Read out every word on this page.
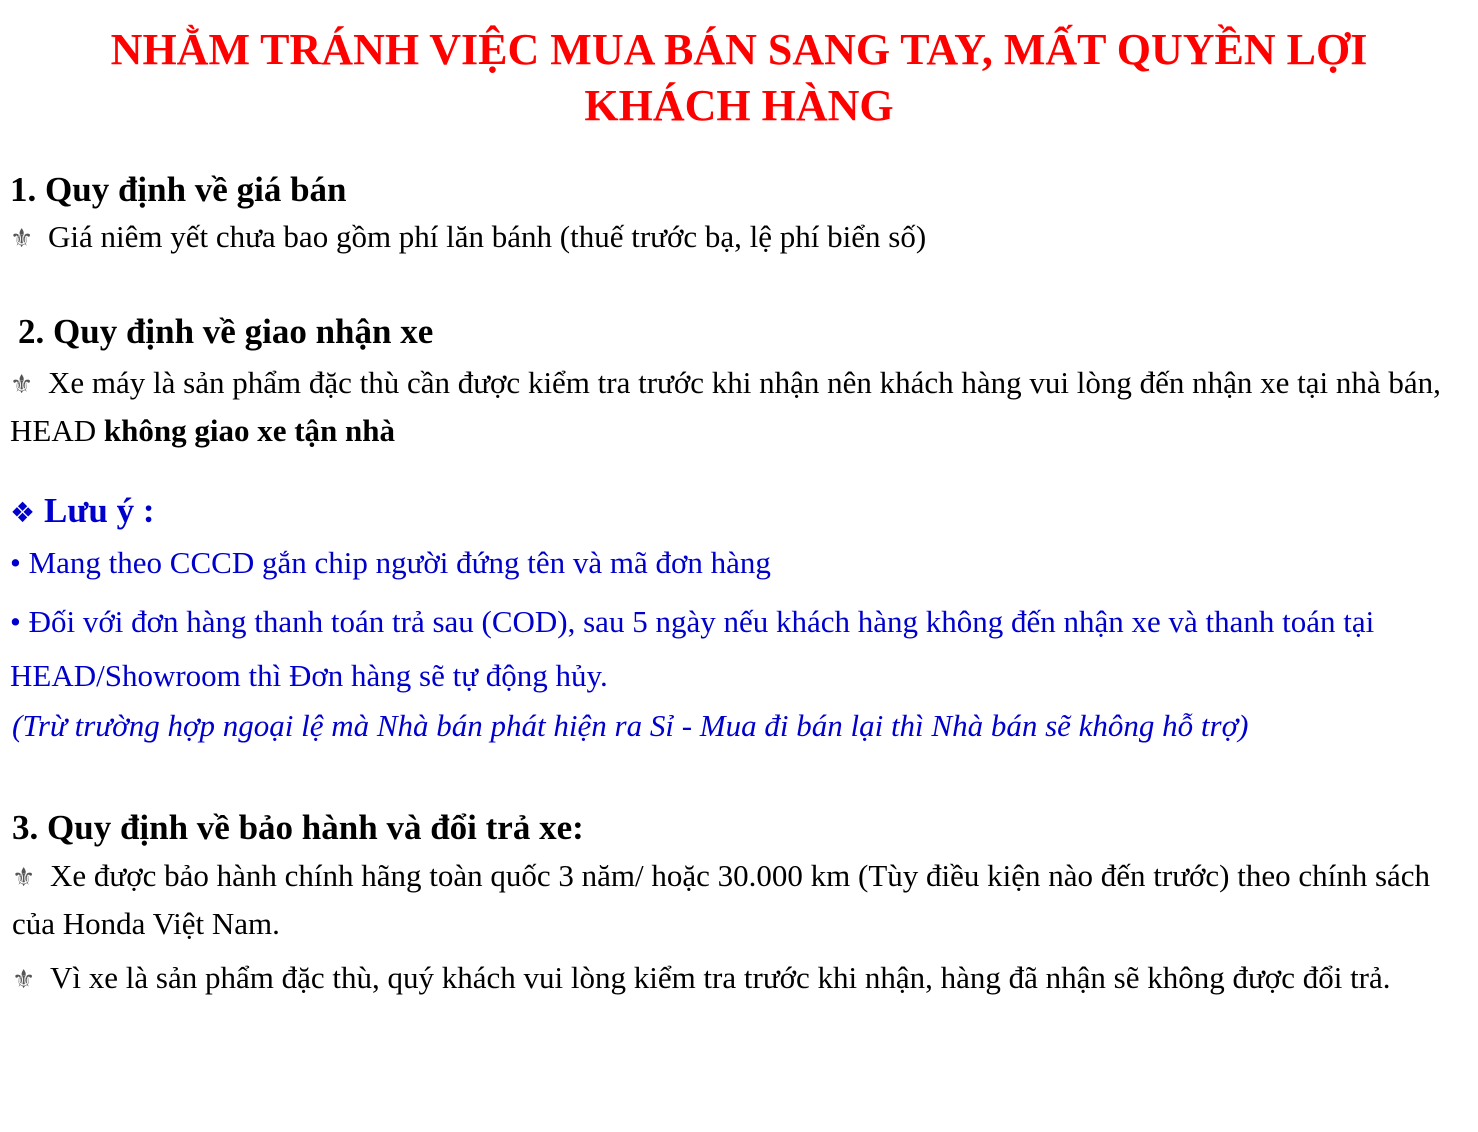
NHẰM TRÁNH VIỆC MUA BÁN SANG TAY, MẤT QUYỀN LỢI
KHÁCH HÀNG
1. Quy định về giá bán
⚜ Giá niêm yết chưa bao gồm phí lăn bánh (thuế trước bạ, lệ phí biển số)
2. Quy định về giao nhận xe
⚜ Xe máy là sản phẩm đặc thù cần được kiểm tra trước khi nhận nên khách hàng vui lòng đến nhận xe tại nhà bán, HEAD không giao xe tận nhà
❖ Lưu ý :
• Mang theo CCCD gắn chip người đứng tên và mã đơn hàng
• Đối với đơn hàng thanh toán trả sau (COD), sau 5 ngày nếu khách hàng không đến nhận xe và thanh toán tại HEAD/Showroom thì Đơn hàng sẽ tự động hủy.
(Trừ trường hợp ngoại lệ mà Nhà bán phát hiện ra Sỉ - Mua đi bán lại thì Nhà bán sẽ không hỗ trợ)
3. Quy định về bảo hành và đổi trả xe:
⚜ Xe được bảo hành chính hãng toàn quốc 3 năm/ hoặc 30.000 km (Tùy điều kiện nào đến trước) theo chính sách của Honda Việt Nam.
⚜ Vì xe là sản phẩm đặc thù, quý khách vui lòng kiểm tra trước khi nhận, hàng đã nhận sẽ không được đổi trả.
